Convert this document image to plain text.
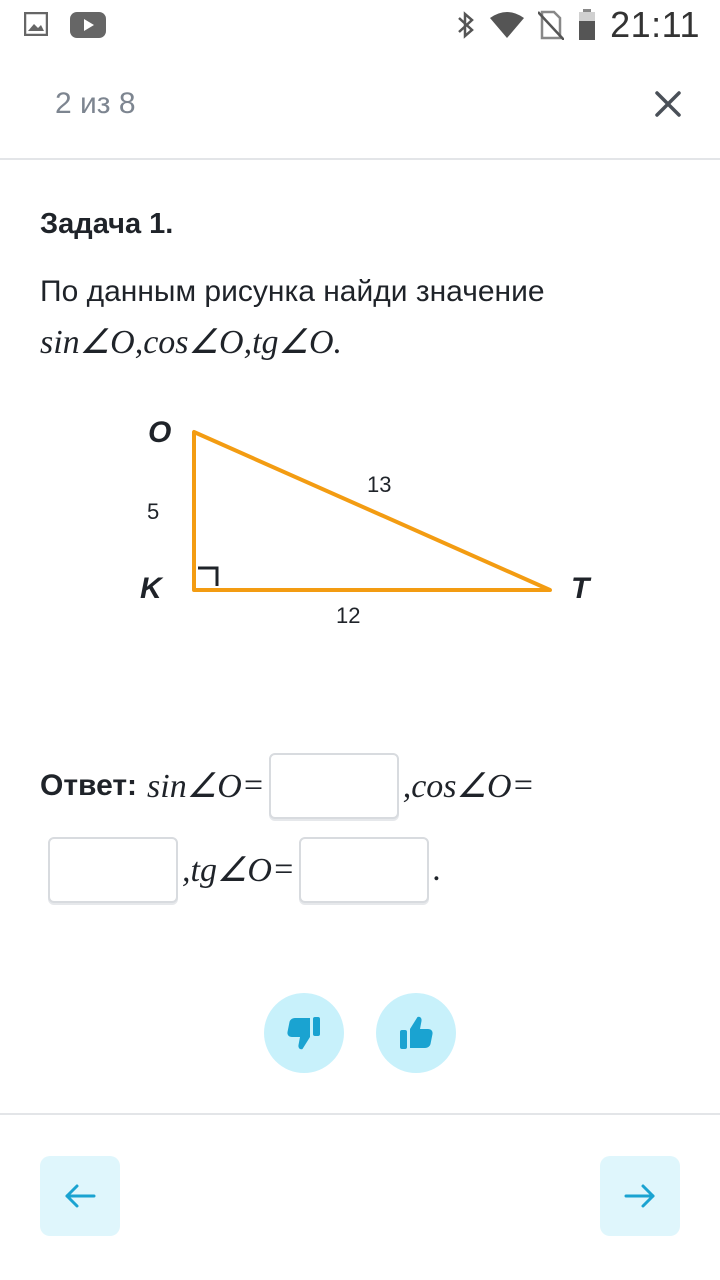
21:11
2 из 8
Задача 1.
По данным рисунка найди значение
sin∠O,cos∠O,tg∠O.
O
K	T
5
13
12
Ответ: sin∠O =	,cos∠O =
,tg∠O =	.
